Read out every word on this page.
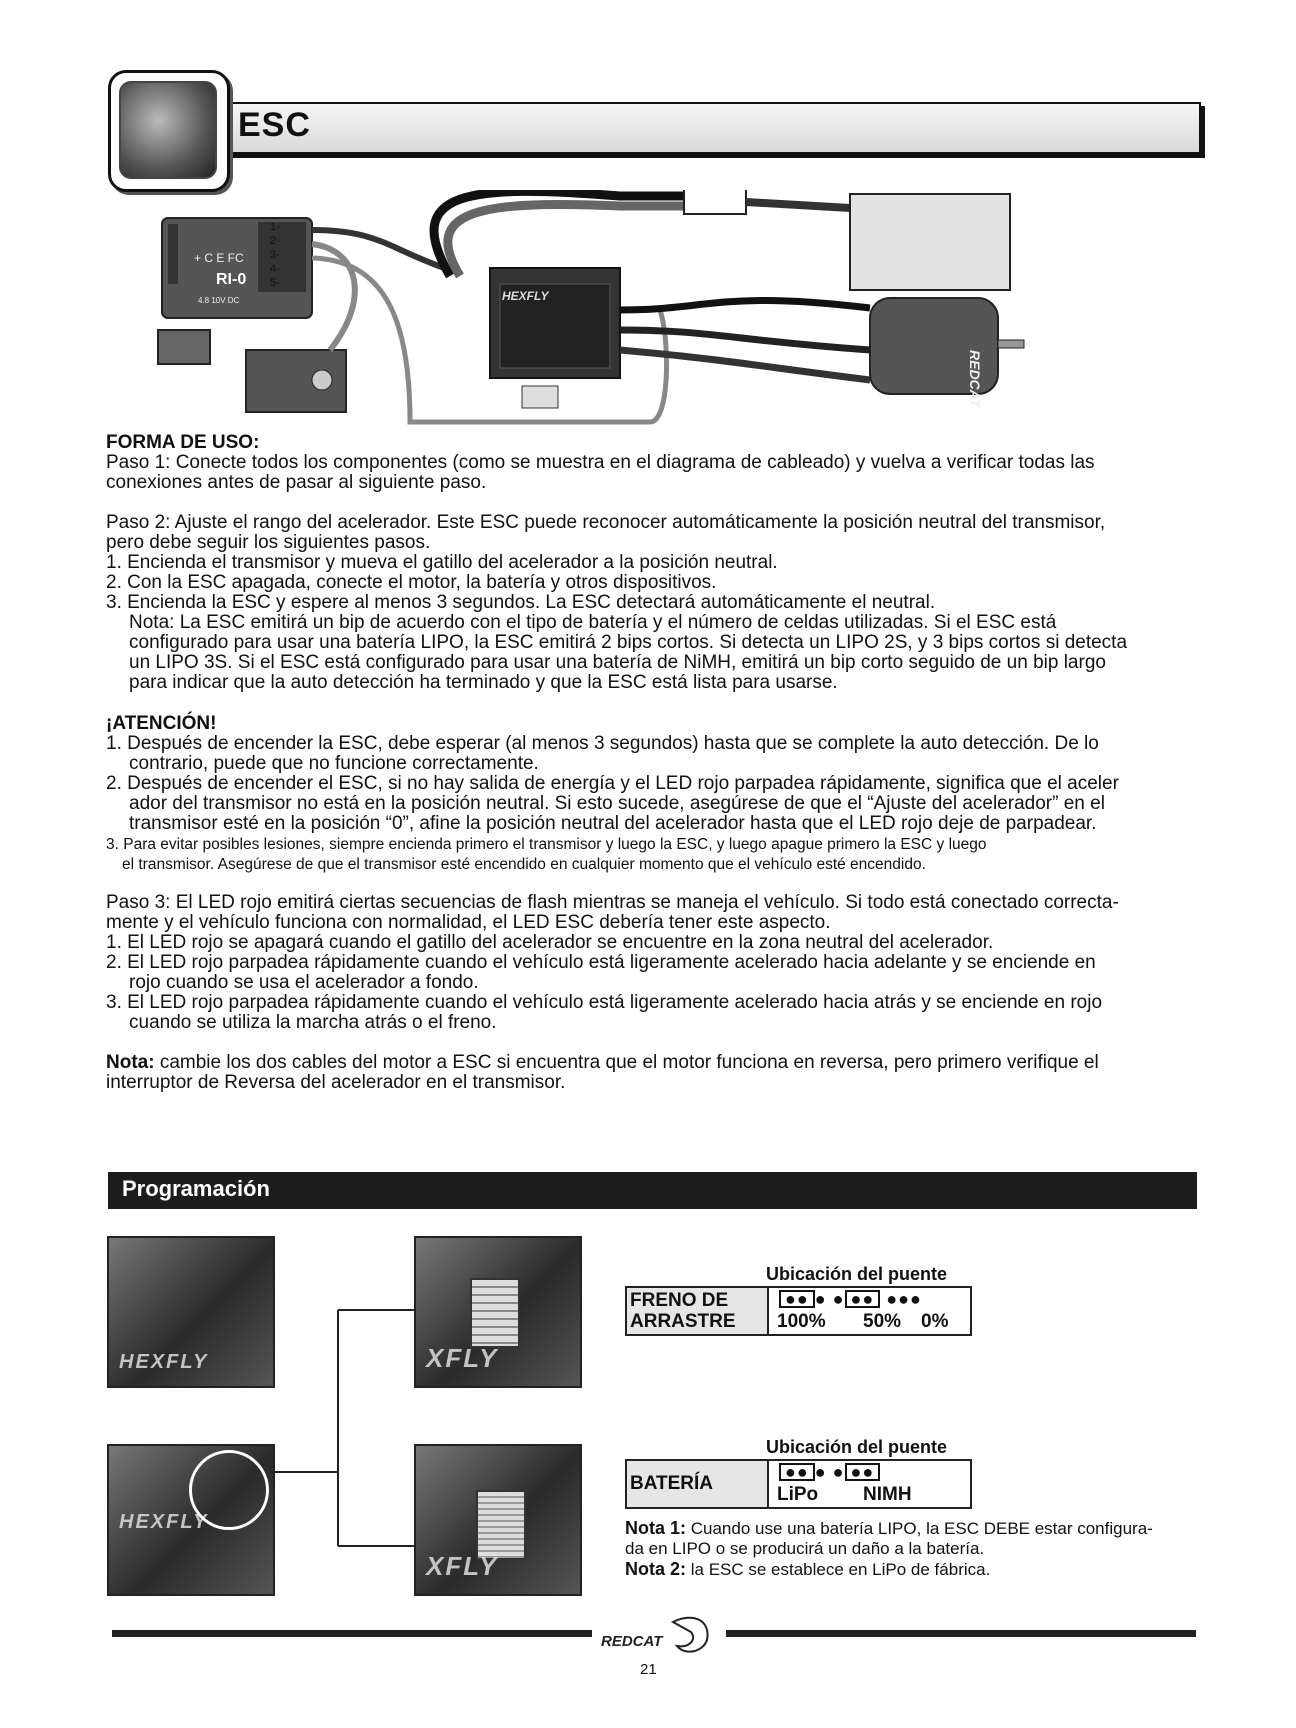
ESC
+ C E FC
RI-0
4.8 10V DC
1-
2-
3-
4-
5-
HEXFLY
REDCAT
FORMA DE USO:
Paso 1: Conecte todos los componentes (como se muestra en el diagrama de cableado) y vuelva a verificar todas las
conexiones antes de pasar al siguiente paso.
Paso 2: Ajuste el rango del acelerador. Este ESC puede reconocer automáticamente la posición neutral del transmisor,
pero debe seguir los siguientes pasos.
1. Encienda el transmisor y mueva el gatillo del acelerador a la posición neutral.
2. Con la ESC apagada, conecte el motor, la batería y otros dispositivos.
3. Encienda la ESC y espere al menos 3 segundos. La ESC detectará automáticamente el neutral.
Nota: La ESC emitirá un bip de acuerdo con el tipo de batería y el número de celdas utilizadas. Si el ESC está
configurado para usar una batería LIPO, la ESC emitirá 2 bips cortos. Si detecta un LIPO 2S, y 3 bips cortos si detecta
un LIPO 3S. Si el ESC está configurado para usar una batería de NiMH, emitirá un bip corto seguido de un bip largo
para indicar que la auto detección ha terminado y que la ESC está lista para usarse.
¡ATENCIÓN!
1. Después de encender la ESC, debe esperar (al menos 3 segundos) hasta que se complete la auto detección. De lo
contrario, puede que no funcione correctamente.
2. Después de encender el ESC, si no hay salida de energía y el LED rojo parpadea rápidamente, significa que el aceler
ador del transmisor no está en la posición neutral. Si esto sucede, asegúrese de que el “Ajuste del acelerador” en el
transmisor esté en la posición “0”, afine la posición neutral del acelerador hasta que el LED rojo deje de parpadear.
3. Para evitar posibles lesiones, siempre encienda primero el transmisor y luego la ESC, y luego apague primero la ESC y luego
el transmisor. Asegúrese de que el transmisor esté encendido en cualquier momento que el vehículo esté encendido.
Paso 3: El LED rojo emitirá ciertas secuencias de flash mientras se maneja el vehículo. Si todo está conectado correcta-
mente y el vehículo funciona con normalidad, el LED ESC debería tener este aspecto.
1. El LED rojo se apagará cuando el gatillo del acelerador se encuentre en la zona neutral del acelerador.
2. El LED rojo parpadea rápidamente cuando el vehículo está ligeramente acelerado hacia adelante y se enciende en
rojo cuando se usa el acelerador a fondo.
3. El LED rojo parpadea rápidamente cuando el vehículo está ligeramente acelerado hacia atrás y se enciende en rojo
cuando se utiliza la marcha atrás o el freno.
Nota: cambie los dos cables del motor a ESC si encuentra que el motor funciona en reversa, pero primero verifique el
interruptor de Reversa del acelerador en el transmisor.
Programación
HEXFLY
HEXFLY
XFLY
XFLY
Ubicación del puente
FRENO DE
ARRASTRE
●● ● ● ●● ●●●
100% 50% 0%
Ubicación del puente
BATERÍA
●● ● ● ●●
LiPo NIMH
Nota 1: Cuando use una batería LIPO, la ESC DEBE estar configura-
da en LIPO o se producirá un daño a la batería.
Nota 2: la ESC se establece en LiPo de fábrica.
REDCAT
21
